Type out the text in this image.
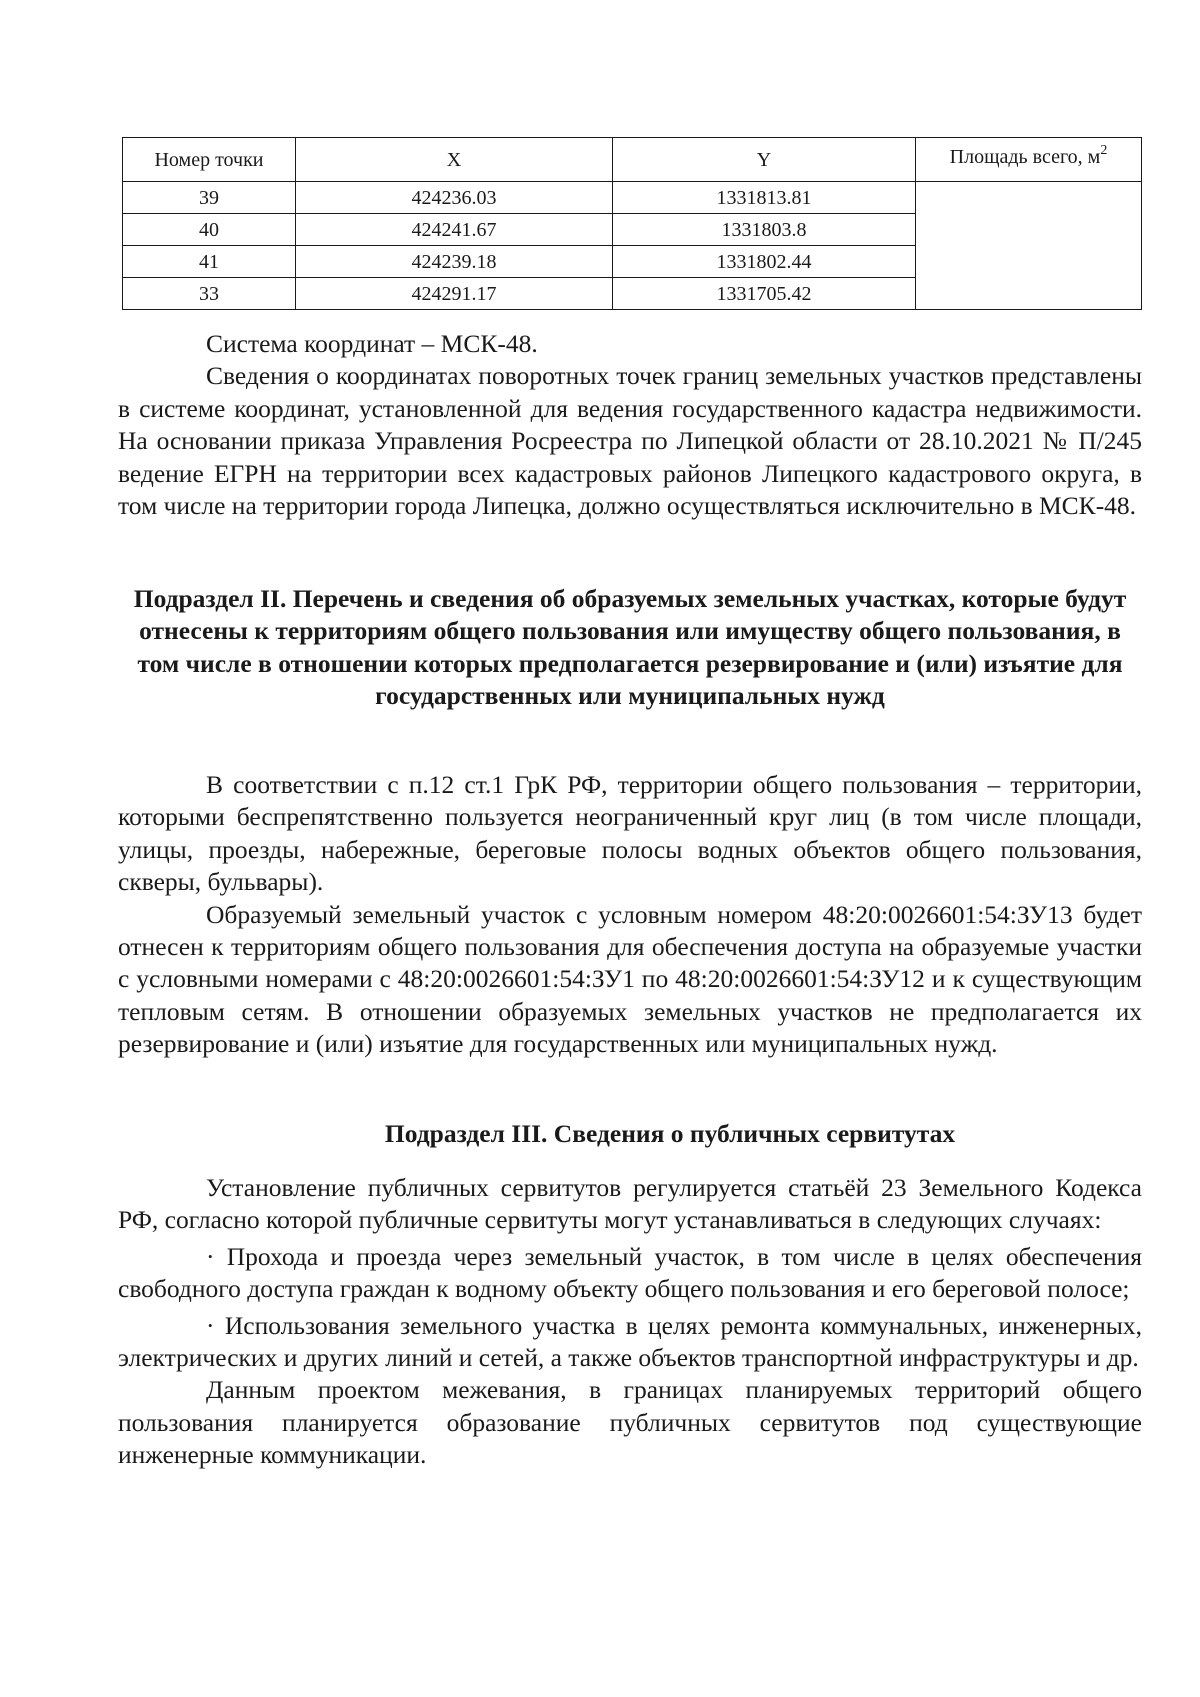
Номер точки	X	Y	Площадь всего, $м^2$
39	424236.03	1331813.81	
40	424241.67	1331803.8	
41	424239.18	1331802.44	
33	424291.17	1331705.42	

Система координат – МСК-48.

Сведения о координатах поворотных точек границ земельных участков представлены в системе координат, установленной для ведения государственного кадастра недвижимости. На основании приказа Управления Росреестра по Липецкой области от 28.10.2021 № П/245 ведение ЕГРН на территории всех кадастровых районов Липецкого кадастрового округа, в том числе на территории города Липецка, должно осуществляться исключительно в МСК-48.

Подраздел II. Перечень и сведения об образуемых земельных участках, которые будут отнесены к территориям общего пользования или имуществу общего пользования, в том числе в отношении которых предполагается резервирование и (или) изъятие для государственных или муниципальных нужд

В соответствии с п.12 ст.1 ГрК РФ, территории общего пользования – территории, которыми беспрепятственно пользуется неограниченный круг лиц (в том числе площади, улицы, проезды, набережные, береговые полосы водных объектов общего пользования, скверы, бульвары).

Образуемый земельный участок с условным номером 48:20:0026601:54:ЗУ13 будет отнесен к территориям общего пользования для обеспечения доступа на образуемые участки с условными номерами с 48:20:0026601:54:ЗУ1 по 48:20:0026601:54:ЗУ12 и к существующим тепловым сетям. В отношении образуемых земельных участков не предполагается их резервирование и (или) изъятие для государственных или муниципальных нужд.

Подраздел III. Сведения о публичных сервитутах

Установление публичных сервитутов регулируется статьёй 23 Земельного Кодекса РФ, согласно которой публичные сервитуты могут устанавливаться в следующих случаях:

· Прохода и проезда через земельный участок, в том числе в целях обеспечения свободного доступа граждан к водному объекту общего пользования и его береговой полосе;

· Использования земельного участка в целях ремонта коммунальных, инженерных, электрических и других линий и сетей, а также объектов транспортной инфраструктуры и др.

Данным проектом межевания, в границах планируемых территорий общего пользования планируется образование публичных сервитутов под существующие инженерные коммуникации.
